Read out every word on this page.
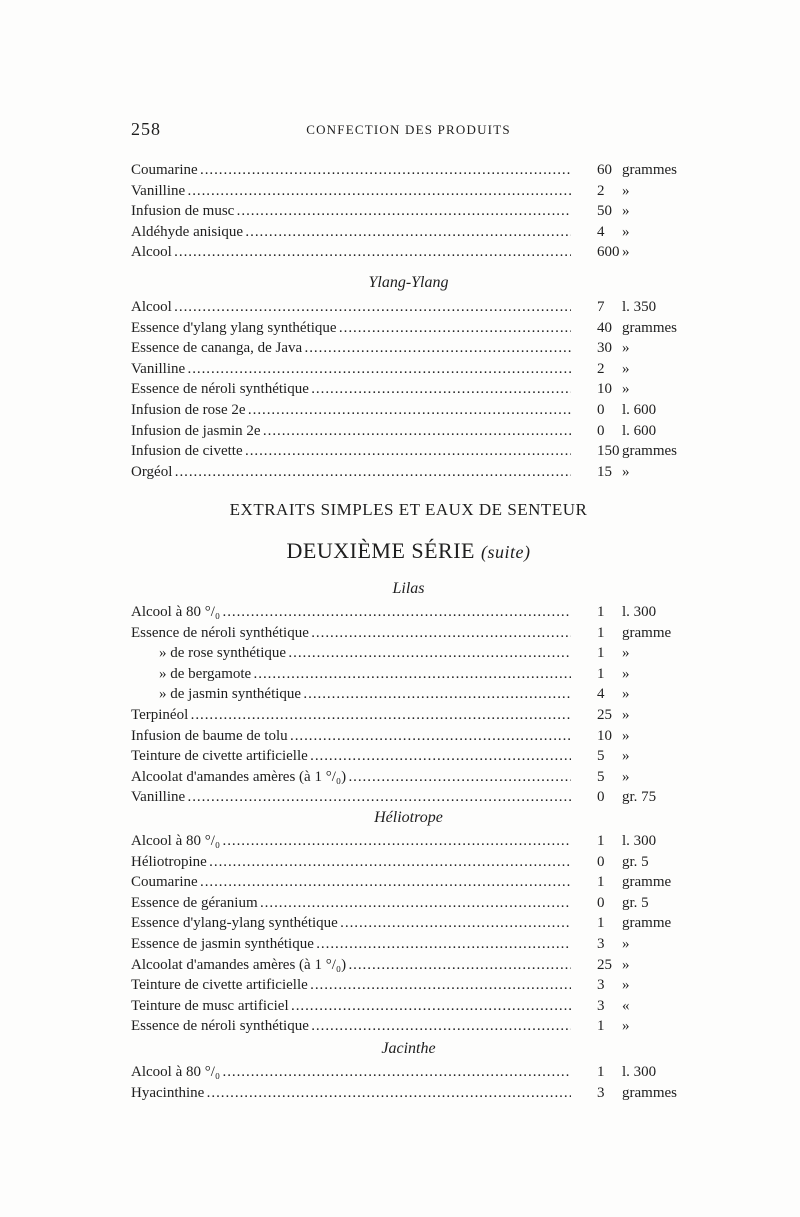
258	CONFECTION DES PRODUITS
Coumarine . . .	60 grammes
Vanilline . . .	2 »
Infusion de musc . . .	50 »
Aldéhyde anisique . . .	4 »
Alcool . . .	600 »
Ylang-Ylang
Alcool . . .	7 l. 350
Essence d'ylang ylang synthétique . . .	40 grammes
Essence de cananga, de Java . . .	30 »
Vanilline . . .	2 »
Essence de néroli synthétique . . .	10 »
Infusion de rose 2e . . .	0 l. 600
Infusion de jasmin 2e . . .	0 l. 600
Infusion de civette . . .	150 grammes
Orgéol . . .	15 »
EXTRAITS SIMPLES ET EAUX DE SENTEUR
DEUXIÈME SÉRIE (suite)
Lilas
Alcool à 80 °/₀ . . .	1 l. 300
Essence de néroli synthétique . . .	1 gramme
» de rose synthétique . . .	1 »
» de bergamote . . .	1 »
» de jasmin synthétique . . .	4 »
Terpinéol . . .	25 »
Infusion de baume de tolu . . .	10 »
Teinture de civette artificielle . . .	5 »
Alcoolat d'amandes amères (à 1 °/₀) . . .	5 »
Vanilline . . .	0 gr. 75
Héliotrope
Alcool à 80 °/₀ . . .	1 l. 300
Héliotropine . . .	0 gr. 5
Coumarine . . .	1 gramme
Essence de géranium . . .	0 gr. 5
Essence d'ylang-ylang synthétique . . .	1 gramme
Essence de jasmin synthétique . . .	3 »
Alcoolat d'amandes amères (à 1 °/₀) . . .	25 »
Teinture de civette artificielle . . .	3 »
Teinture de musc artificiel . . .	3 «
Essence de néroli synthétique . . .	1 »
Jacinthe
Alcool à 80 °/₀ . . .	1 l. 300
Hyacinthine . . .	3 grammes
